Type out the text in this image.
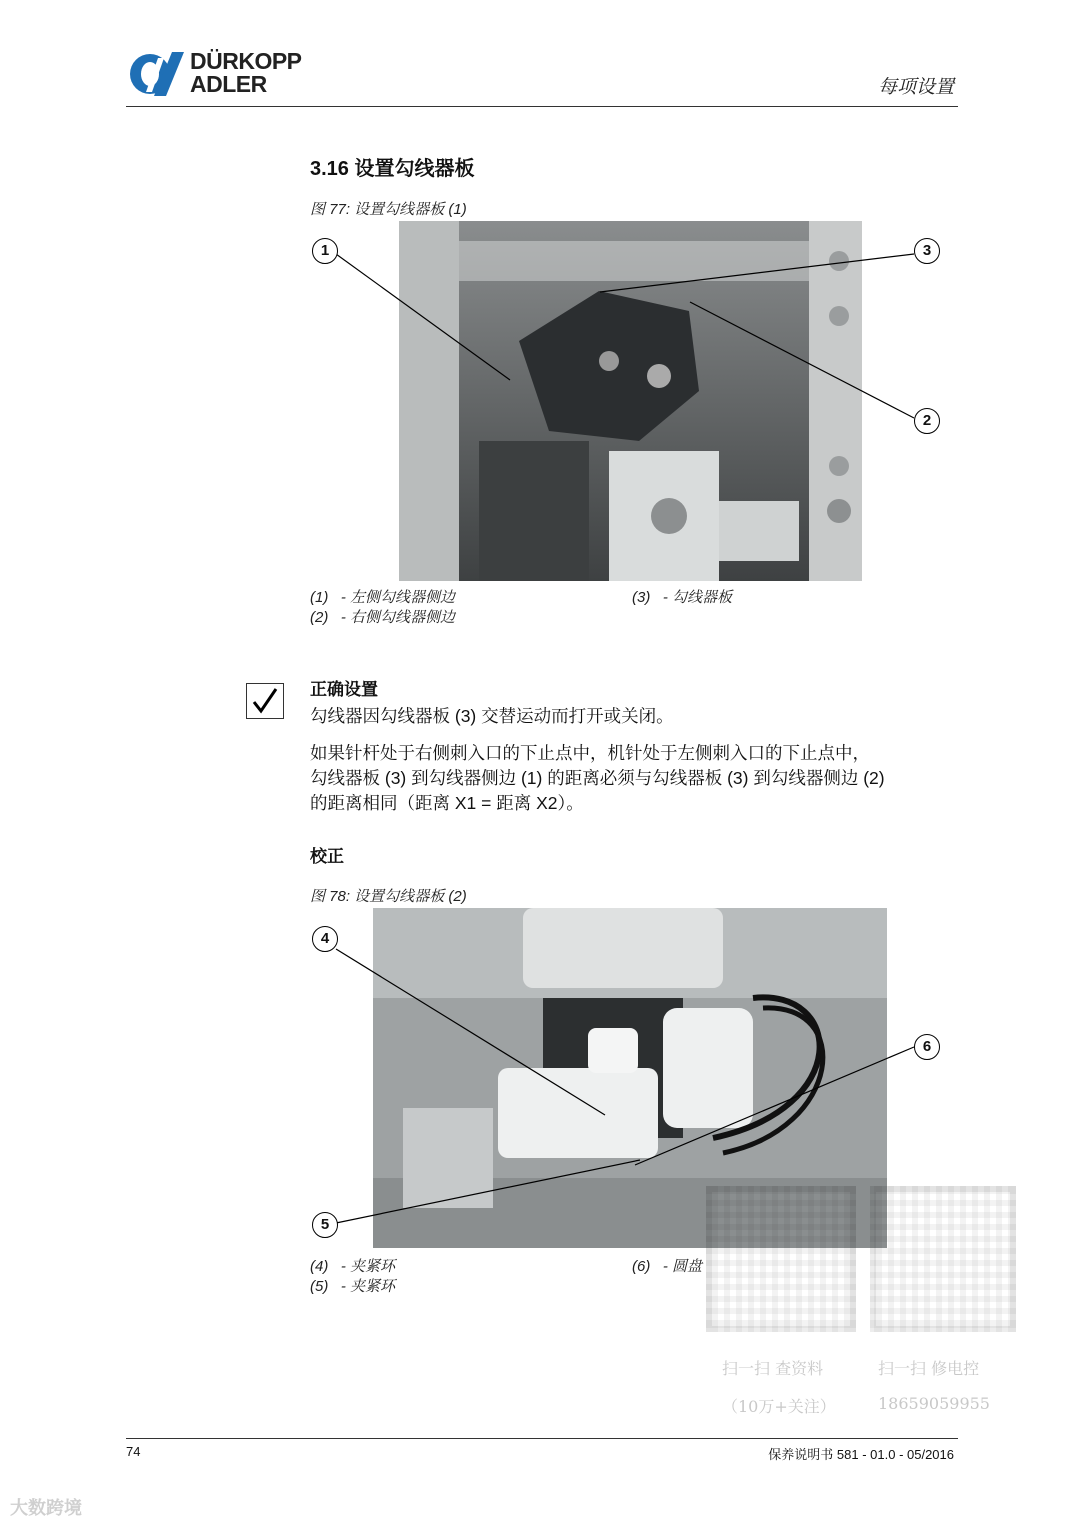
DÜRKOPP
ADLER	每项设置
3.16 设置勾线器板
图 77: 设置勾线器板 (1)
1	3
2
(1) - 左侧勾线器侧边
(2) - 右侧勾线器侧边
(3) - 勾线器板
正确设置
勾线器因勾线器板 (3) 交替运动而打开或关闭。
如果针杆处于右侧刺入口的下止点中，机针处于左侧刺入口的下止点中，
勾线器板 (3) 到勾线器侧边 (1) 的距离必须与勾线器板 (3) 到勾线器侧边 (2)
的距离相同（距离 X1 = 距离 X2）。
校正
图 78: 设置勾线器板 (2)
4
6
5
(4) - 夹紧环
(5) - 夹紧环
(6) - 圆盘
扫一扫 查资料	扫一扫 修电控
（10万+关注）	18659059955
74	保养说明书 581 - 01.0 - 05/2016
大数跨境
